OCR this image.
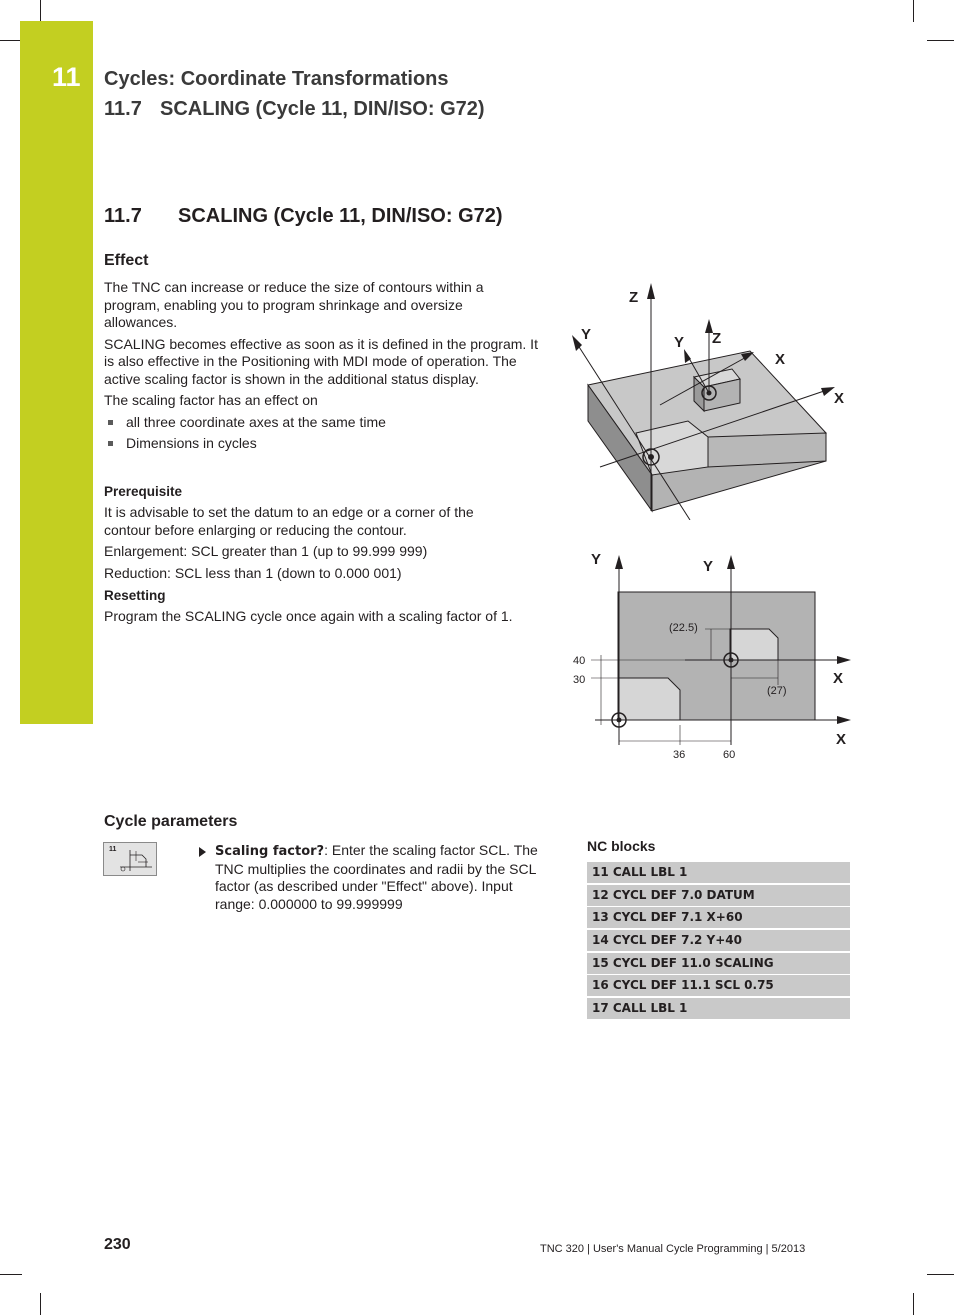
11 Cycles: Coordinate Transformations
11.7 SCALING (Cycle 11, DIN/ISO: G72)
11.7 SCALING (Cycle 11, DIN/ISO: G72)
Effect
The TNC can increase or reduce the size of contours within a program, enabling you to program shrinkage and oversize allowances.
SCALING becomes effective as soon as it is defined in the program. It is also effective in the Positioning with MDI mode of operation. The active scaling factor is shown in the additional status display.
The scaling factor has an effect on
all three coordinate axes at the same time
Dimensions in cycles
Prerequisite
It is advisable to set the datum to an edge or a corner of the contour before enlarging or reducing the contour.
Enlargement: SCL greater than 1 (up to 99.999 999)
Reduction: SCL less than 1 (down to 0.000 001)
Resetting
Program the SCALING cycle once again with a scaling factor of 1.
Z
Y	Y Z
X
X
Y	Y
X
X
40
30
36	60
(22.5)
(27)
Cycle parameters
11	Scaling factor?: Enter the scaling factor SCL. The TNC multiplies the coordinates and radii by the SCL factor (as described under "Effect" above). Input range: 0.000000 to 99.999999
NC blocks
11 CALL LBL 1
12 CYCL DEF 7.0 DATUM
13 CYCL DEF 7.1 X+60
14 CYCL DEF 7.2 Y+40
15 CYCL DEF 11.0 SCALING
16 CYCL DEF 11.1 SCL 0.75
17 CALL LBL 1
230	TNC 320 | User's Manual Cycle Programming | 5/2013
